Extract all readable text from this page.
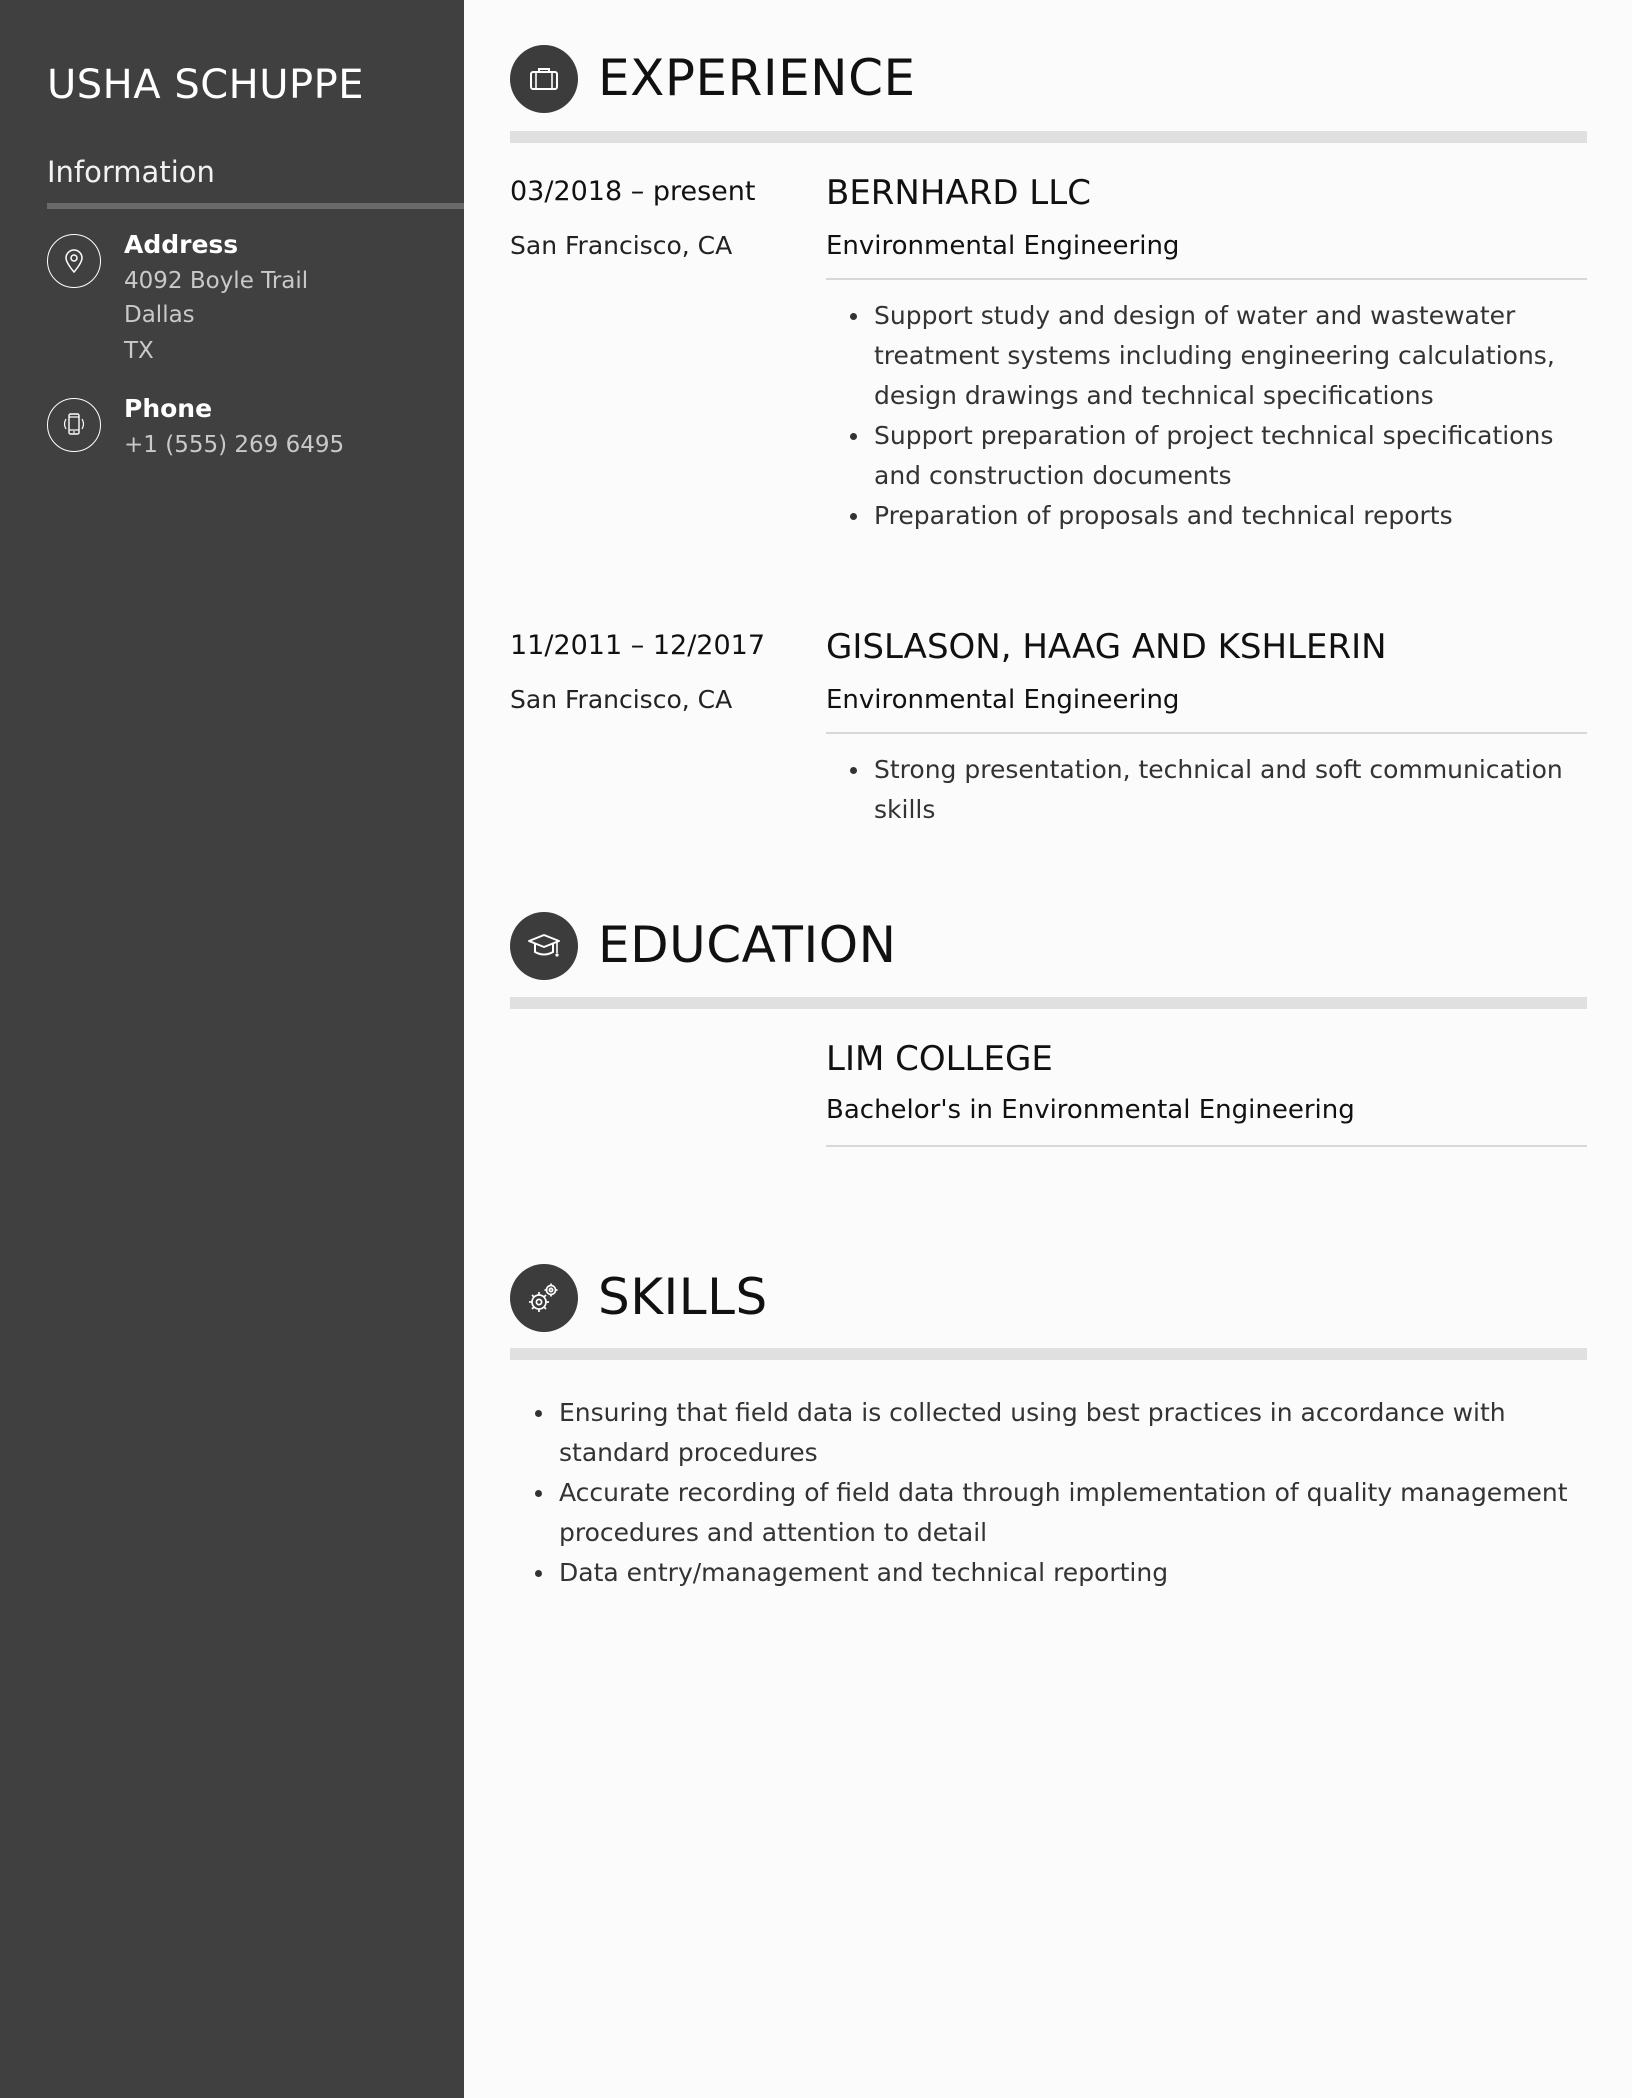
USHA SCHUPPE
Information
Address
4092 Boyle Trail
Dallas
TX
Phone
+1 (555) 269 6495
EXPERIENCE
03/2018 – present
San Francisco, CA
BERNHARD LLC
Environmental Engineering
Support study and design of water and wastewater treatment systems including engineering calculations, design drawings and technical specifications
Support preparation of project technical specifications and construction documents
Preparation of proposals and technical reports
11/2011 – 12/2017
San Francisco, CA
GISLASON, HAAG AND KSHLERIN
Environmental Engineering
Strong presentation, technical and soft communication skills
EDUCATION
LIM COLLEGE
Bachelor's in Environmental Engineering
SKILLS
Ensuring that field data is collected using best practices in accordance with standard procedures
Accurate recording of field data through implementation of quality management procedures and attention to detail
Data entry/management and technical reporting
